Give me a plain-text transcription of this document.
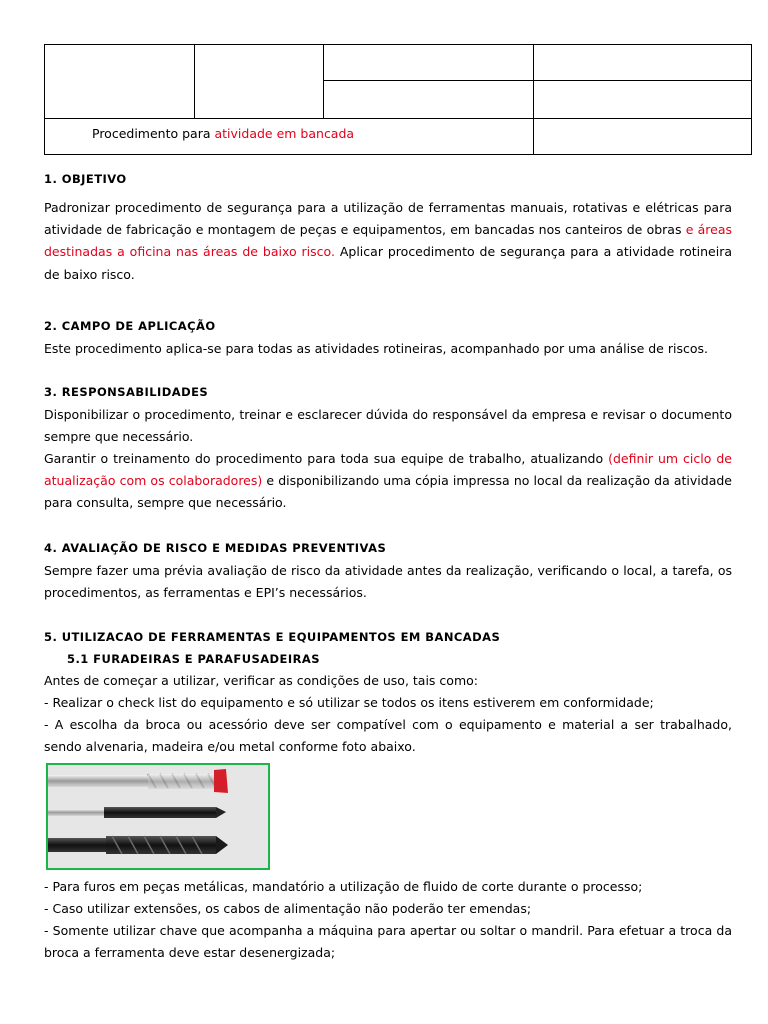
Procedimento para atividade em bancada
1. OBJETIVO
Padronizar procedimento de segurança para a utilização de ferramentas manuais, rotativas e elétricas para atividade de fabricação e montagem de peças e equipamentos, em bancadas nos canteiros de obras e áreas destinadas a oficina nas áreas de baixo risco. Aplicar procedimento de segurança para a atividade rotineira de baixo risco.
2. CAMPO DE APLICAÇÃO
Este procedimento aplica-se para todas as atividades rotineiras, acompanhado por uma análise de riscos.
3. RESPONSABILIDADES
Disponibilizar o procedimento, treinar e esclarecer dúvida do responsável da empresa e revisar o documento sempre que necessário.
Garantir o treinamento do procedimento para toda sua equipe de trabalho, atualizando (definir um ciclo de atualização com os colaboradores) e disponibilizando uma cópia impressa no local da realização da atividade para consulta, sempre que necessário.
4. AVALIAÇÃO DE RISCO E MEDIDAS PREVENTIVAS
Sempre fazer uma prévia avaliação de risco da atividade antes da realização, verificando o local, a tarefa, os procedimentos, as ferramentas e EPI’s necessários.
5. UTILIZACAO DE FERRAMENTAS E EQUIPAMENTOS EM BANCADAS
5.1 FURADEIRAS E PARAFUSADEIRAS
Antes de começar a utilizar, verificar as condições de uso, tais como:
- Realizar o check list do equipamento e só utilizar se todos os itens estiverem em conformidade;
- A escolha da broca ou acessório deve ser compatível com o equipamento e material a ser trabalhado, sendo alvenaria, madeira e/ou metal conforme foto abaixo.
- Para furos em peças metálicas, mandatório a utilização de fluido de corte durante o processo;
- Caso utilizar extensões, os cabos de alimentação não poderão ter emendas;
- Somente utilizar chave que acompanha a máquina para apertar ou soltar o mandril. Para efetuar a troca da broca a ferramenta deve estar desenergizada;
